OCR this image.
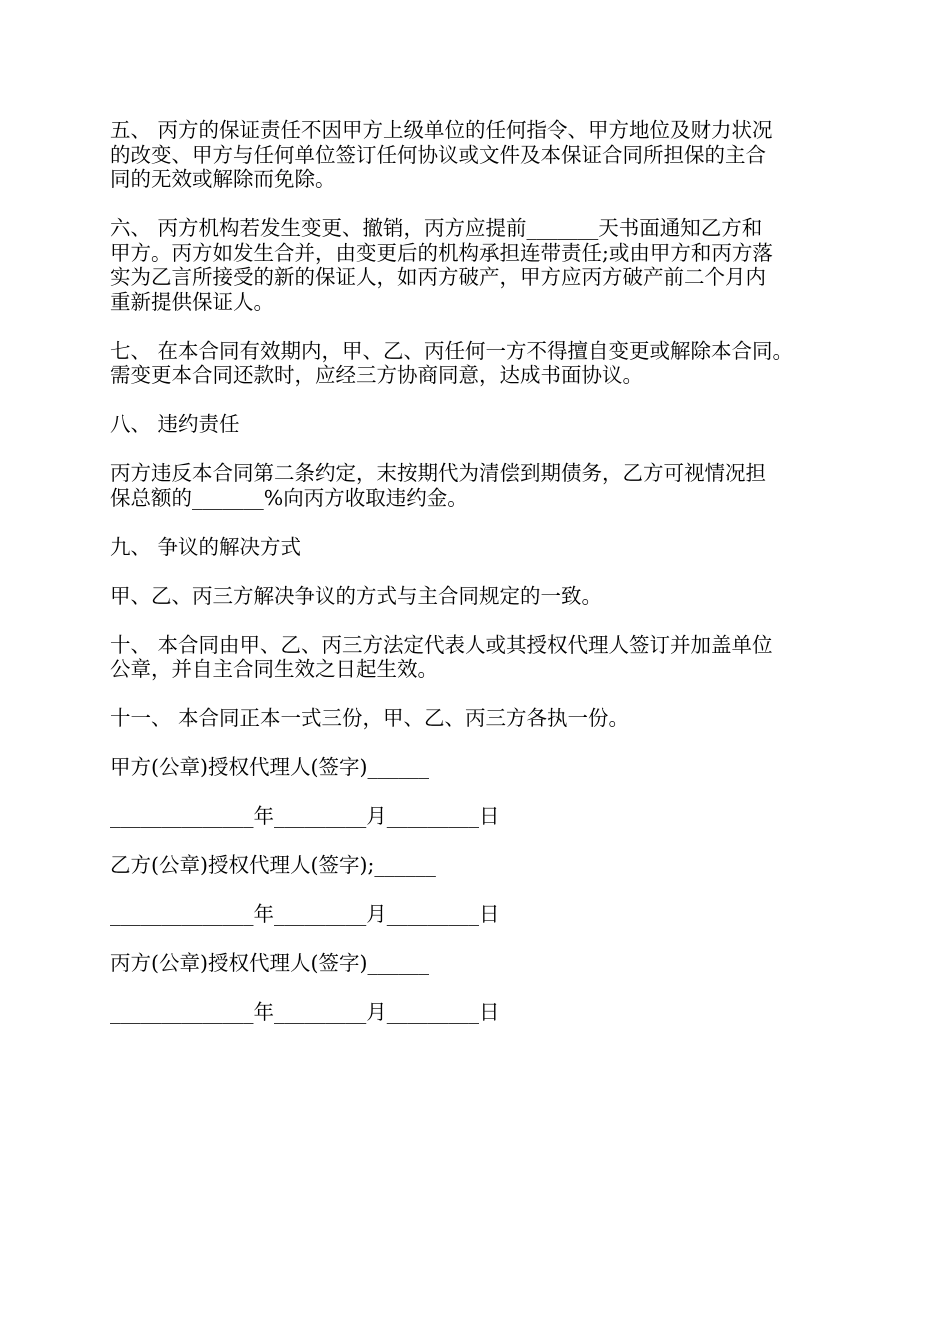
五、 丙方的保证责任不因甲方上级单位的任何指令、甲方地位及财力状况
的改变、甲方与任何单位签订任何协议或文件及本保证合同所担保的主合
同的无效或解除而免除。

六、 丙方机构若发生变更、撤销，丙方应提前_______天书面通知乙方和
甲方。丙方如发生合并，由变更后的机构承担连带责任;或由甲方和丙方落
实为乙言所接受的新的保证人，如丙方破产，甲方应丙方破产前二个月内
重新提供保证人。

七、 在本合同有效期内，甲、乙、丙任何一方不得擅自变更或解除本合同。
需变更本合同还款时，应经三方协商同意，达成书面协议。

八、 违约责任

丙方违反本合同第二条约定，末按期代为清偿到期债务，乙方可视情况担
保总额的_______%向丙方收取违约金。

九、 争议的解决方式

甲、乙、丙三方解决争议的方式与主合同规定的一致。

十、 本合同由甲、乙、丙三方法定代表人或其授权代理人签订并加盖单位
公章，并自主合同生效之日起生效。

十一、 本合同正本一式三份，甲、乙、丙三方各执一份。

甲方(公章)授权代理人(签字)______

______________年_________月_________日

乙方(公章)授权代理人(签字);______

______________年_________月_________日

丙方(公章)授权代理人(签字)______

______________年_________月_________日
